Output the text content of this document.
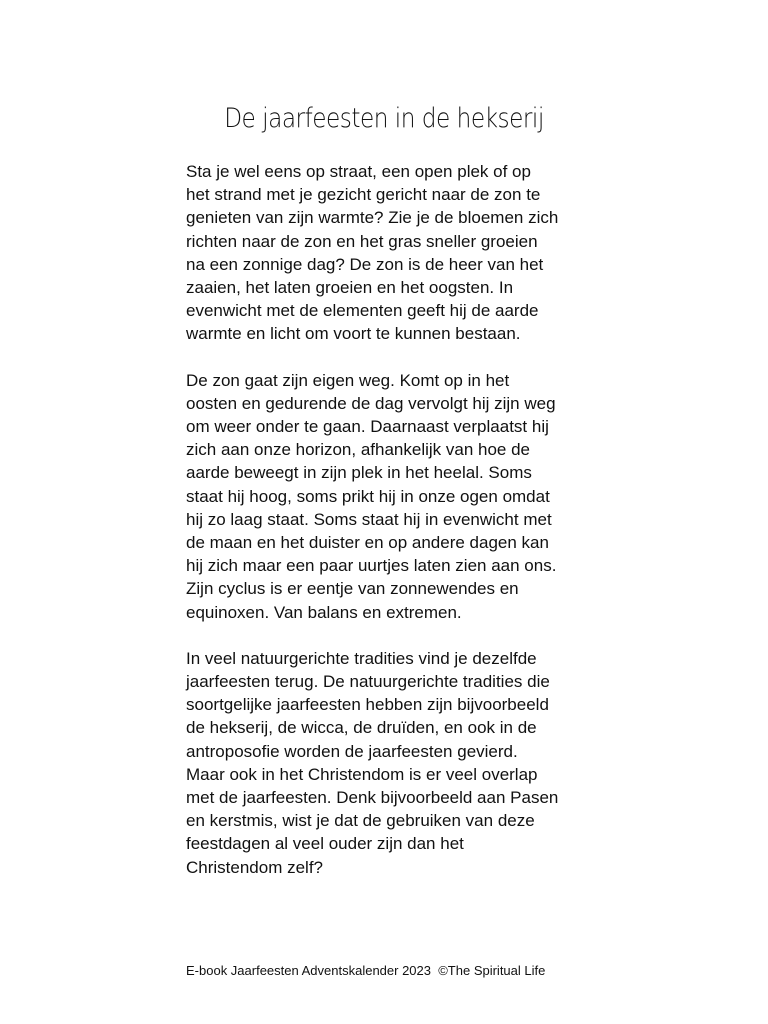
De jaarfeesten in de hekserij

Sta je wel eens op straat, een open plek of op
het strand met je gezicht gericht naar de zon te
genieten van zijn warmte? Zie je de bloemen zich
richten naar de zon en het gras sneller groeien
na een zonnige dag? De zon is de heer van het
zaaien, het laten groeien en het oogsten. In
evenwicht met de elementen geeft hij de aarde
warmte en licht om voort te kunnen bestaan.

De zon gaat zijn eigen weg. Komt op in het
oosten en gedurende de dag vervolgt hij zijn weg
om weer onder te gaan. Daarnaast verplaatst hij
zich aan onze horizon, afhankelijk van hoe de
aarde beweegt in zijn plek in het heelal. Soms
staat hij hoog, soms prikt hij in onze ogen omdat
hij zo laag staat. Soms staat hij in evenwicht met
de maan en het duister en op andere dagen kan
hij zich maar een paar uurtjes laten zien aan ons.
Zijn cyclus is er eentje van zonnewendes en
equinoxen. Van balans en extremen.

In veel natuurgerichte tradities vind je dezelfde
jaarfeesten terug. De natuurgerichte tradities die
soortgelijke jaarfeesten hebben zijn bijvoorbeeld
de hekserij, de wicca, de druïden, en ook in de
antroposofie worden de jaarfeesten gevierd.
Maar ook in het Christendom is er veel overlap
met de jaarfeesten. Denk bijvoorbeeld aan Pasen
en kerstmis, wist je dat de gebruiken van deze
feestdagen al veel ouder zijn dan het
Christendom zelf?

E-book Jaarfeesten Adventskalender 2023  ©The Spiritual Life
